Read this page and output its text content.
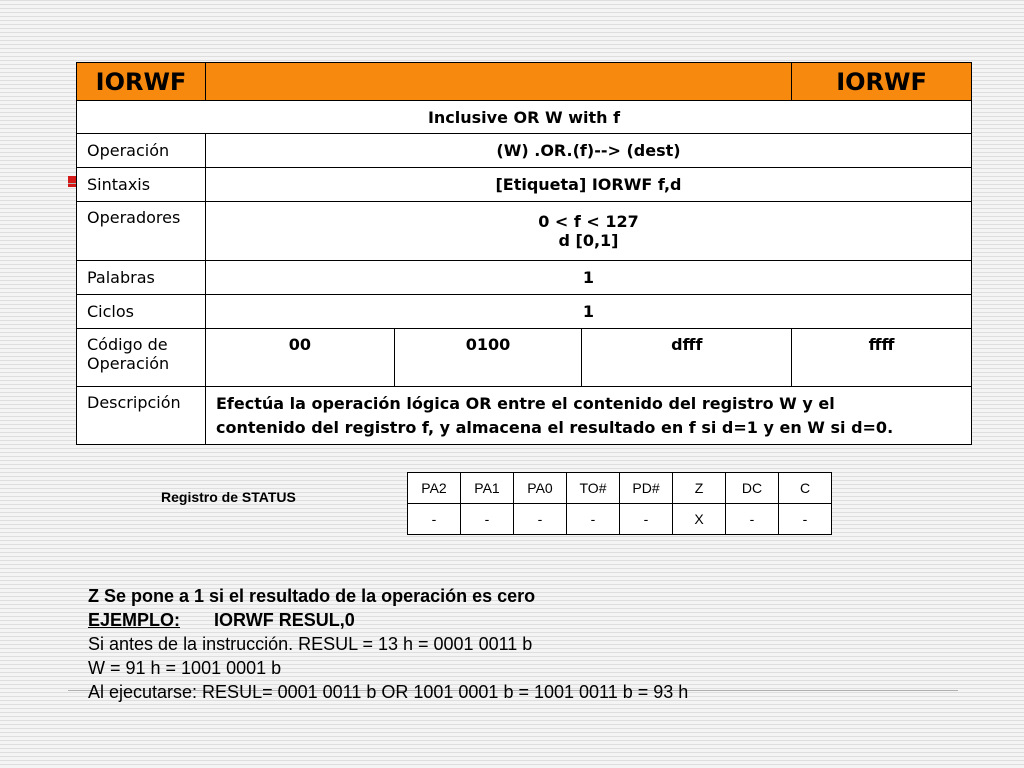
IORWF				IORWF
Inclusive OR W with f				
Operación	(W) .OR.(f)--> (dest)			
Sintaxis	[Etiqueta] IORWF f,d			
Operadores	0 < f < 127
d [0,1]			

Palabras	1			
Ciclos	1			

Código de
Operación	00	0100	dfff	ffff
Descripción	Efectúa la operación lógica OR entre el contenido del registro W y el
contenido del registro f, y almacena el resultado en f si d=1 y en W si d=0.			
Registro de STATUS
PA2	PA1	PA0	TO#	PD#	Z	DC	C
-	-	-	-	-	X	-	-
Z Se pone a 1 si el resultado de la operación es cero
EJEMPLO: IORWF RESUL,0
Si antes de la instrucción. RESUL = 13 h = 0001 0011 b
W = 91 h = 1001 0001 b
Al ejecutarse: RESUL= 0001 0011 b OR 1001 0001 b = 1001 0011 b = 93 h
